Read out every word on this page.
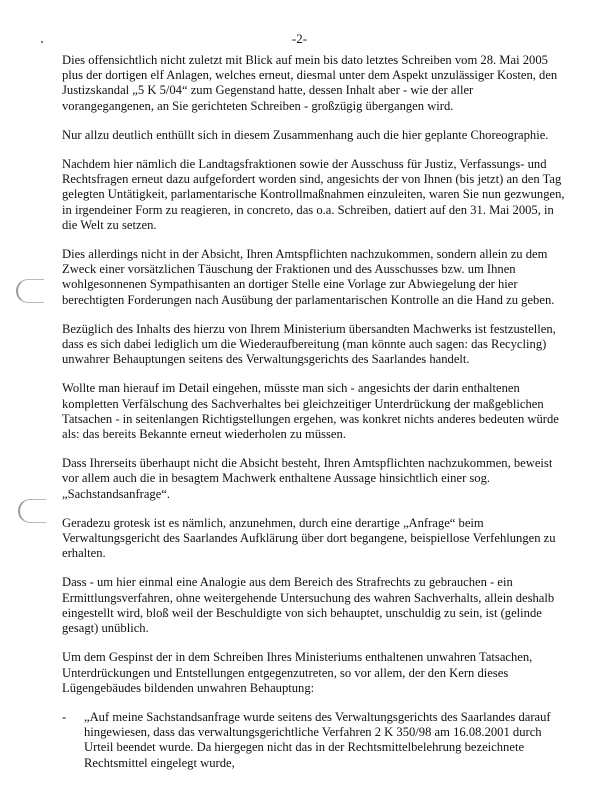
-2-

Dies offensichtlich nicht zuletzt mit Blick auf mein bis dato letztes Schreiben vom 28. Mai 2005 plus der dortigen elf Anlagen, welches erneut, diesmal unter dem Aspekt unzulässiger Kosten, den Justizskandal „5 K 5/04“ zum Gegenstand hatte, dessen Inhalt aber - wie der aller vorangegangenen, an Sie gerichteten Schreiben - großzügig übergangen wird.

Nur allzu deutlich enthüllt sich in diesem Zusammenhang auch die hier geplante Choreographie.

Nachdem hier nämlich die Landtagsfraktionen sowie der Ausschuss für Justiz, Verfassungs- und Rechtsfragen erneut dazu aufgefordert worden sind, angesichts der von Ihnen (bis jetzt) an den Tag gelegten Untätigkeit, parlamentarische Kontrollmaßnahmen einzuleiten, waren Sie nun gezwungen, in irgendeiner Form zu reagieren, in concreto, das o.a. Schreiben, datiert auf den 31. Mai 2005, in die Welt zu setzen.

Dies allerdings nicht in der Absicht, Ihren Amtspflichten nachzukommen, sondern allein zu dem Zweck einer vorsätzlichen Täuschung der Fraktionen und des Ausschusses bzw. um Ihnen wohlgesonnenen Sympathisanten an dortiger Stelle eine Vorlage zur Abwiegelung der hier berechtigten Forderungen nach Ausübung der parlamentarischen Kontrolle an die Hand zu geben.

Bezüglich des Inhalts des hierzu von Ihrem Ministerium übersandten Machwerks ist festzustellen, dass es sich dabei lediglich um die Wiederaufbereitung (man könnte auch sagen: das Recycling) unwahrer Behauptungen seitens des Verwaltungsgerichts des Saarlandes handelt.

Wollte man hierauf im Detail eingehen, müsste man sich - angesichts der darin enthaltenen kompletten Verfälschung des Sachverhaltes bei gleichzeitiger Unterdrückung der maßgeblichen Tatsachen - in seitenlangen Richtigstellungen ergehen, was konkret nichts anderes bedeuten würde als: das bereits Bekannte erneut wiederholen zu müssen.

Dass Ihrerseits überhaupt nicht die Absicht besteht, Ihren Amtspflichten nachzukommen, beweist vor allem auch die in besagtem Machwerk enthaltene Aussage hinsichtlich einer sog. „Sachstandsanfrage“.

Geradezu grotesk ist es nämlich, anzunehmen, durch eine derartige „Anfrage“ beim Verwaltungsgericht des Saarlandes Aufklärung über dort begangene, beispiellose Verfehlungen zu erhalten.

Dass - um hier einmal eine Analogie aus dem Bereich des Strafrechts zu gebrauchen - ein Ermittlungsverfahren, ohne weitergehende Untersuchung des wahren Sachverhalts, allein deshalb eingestellt wird, bloß weil der Beschuldigte von sich behauptet, unschuldig zu sein, ist (gelinde gesagt) unüblich.

Um dem Gespinst der in dem Schreiben Ihres Ministeriums enthaltenen unwahren Tatsachen, Unterdrückungen und Entstellungen entgegenzutreten, so vor allem, der den Kern dieses Lügengebäudes bildenden unwahren Behauptung:

-	„Auf meine Sachstandsanfrage wurde seitens des Verwaltungsgerichts des Saarlandes darauf hingewiesen, dass das verwaltungsgerichtliche Verfahren 2 K 350/98 am 16.08.2001 durch Urteil beendet wurde. Da hiergegen nicht das in der Rechtsmittelbelehrung bezeichnete Rechtsmittel eingelegt wurde,
